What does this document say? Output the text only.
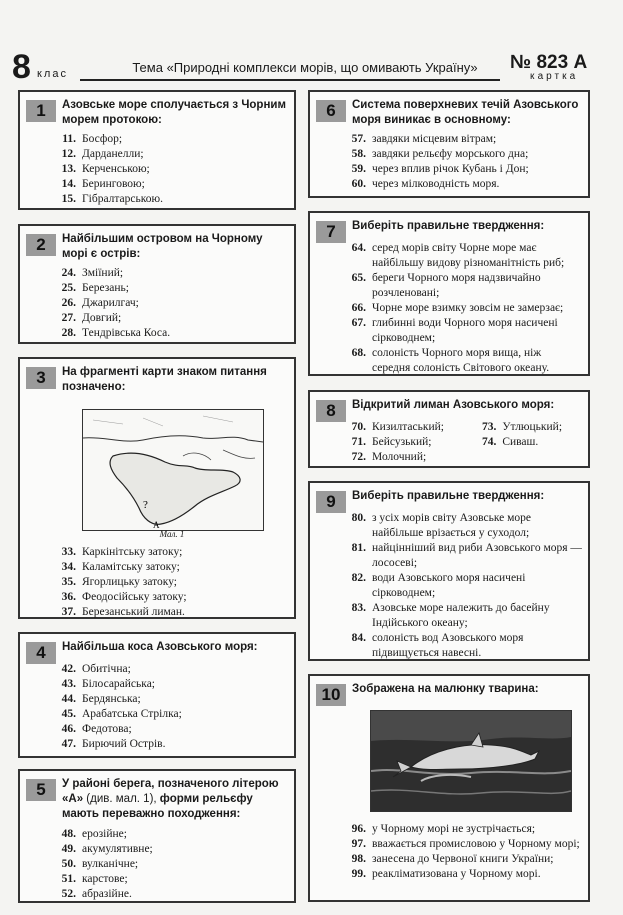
8 клас	Тема «Природні комплекси морів, що омивають Україну»	№ 823 А
картка
1	Азовське море сполучається з Чорним морем протокою:
11. Босфор;
12. Дарданелли;
13. Керченською;
14. Беринговою;
15. Гібралтарською.
2	Найбільшим островом на Чорному морі є острів:
24. Зміїний;
25. Березань;
26. Джарилгач;
27. Довгий;
28. Тендрівська Коса.
3	На фрагменті карти знаком питання позначено:
?
А
Мал. 1
33. Каркінітську затоку;
34. Каламітську затоку;
35. Ягорлицьку затоку;
36. Феодосійську затоку;
37. Березанський лиман.
4	Найбільша коса Азовського моря:
42. Обитічна;
43. Білосарайська;
44. Бердянська;
45. Арабатська Стрілка;
46. Федотова;
47. Бирючий Острів.
5	У районі берега, позначеного літерою «А» (див. мал. 1), форми рельєфу мають переважно походження:
48. ерозійне;
49. акумулятивне;
50. вулканічне;
51. карстове;
52. абразійне.
6	Система поверхневих течій Азовського моря виникає в основному:
57. завдяки місцевим вітрам;
58. завдяки рельєфу морського дна;
59. через вплив річок Кубань і Дон;
60. через мілководність моря.
7	Виберіть правильне твердження:
64. серед морів світу Чорне море має найбільшу видову різноманітність риб;
65. береги Чорного моря надзвичайно розчленовані;
66. Чорне море взимку зовсім не замерзає;
67. глибинні води Чорного моря насичені сірководнем;
68. солоність Чорного моря вища, ніж середня солоність Світового океану.
8	Відкритий лиман Азовського моря:
70. Кизилтаський;
71. Бейсузький;
72. Молочний;
73. Утлюцький;
74. Сиваш.
9	Виберіть правильне твердження:
80. з усіх морів світу Азовське море найбільше врізається у суходол;
81. найцінніший вид риби Азовського моря — лососеві;
82. води Азовського моря насичені сірководнем;
83. Азовське море належить до басейну Індійського океану;
84. солоність вод Азовського моря підвищується навесні.
10	Зображена на малюнку тварина:
96. у Чорному морі не зустрічається;
97. вважається промисловою у Чорному морі;
98. занесена до Червоної книги України;
99. реакліматизована у Чорному морі.
